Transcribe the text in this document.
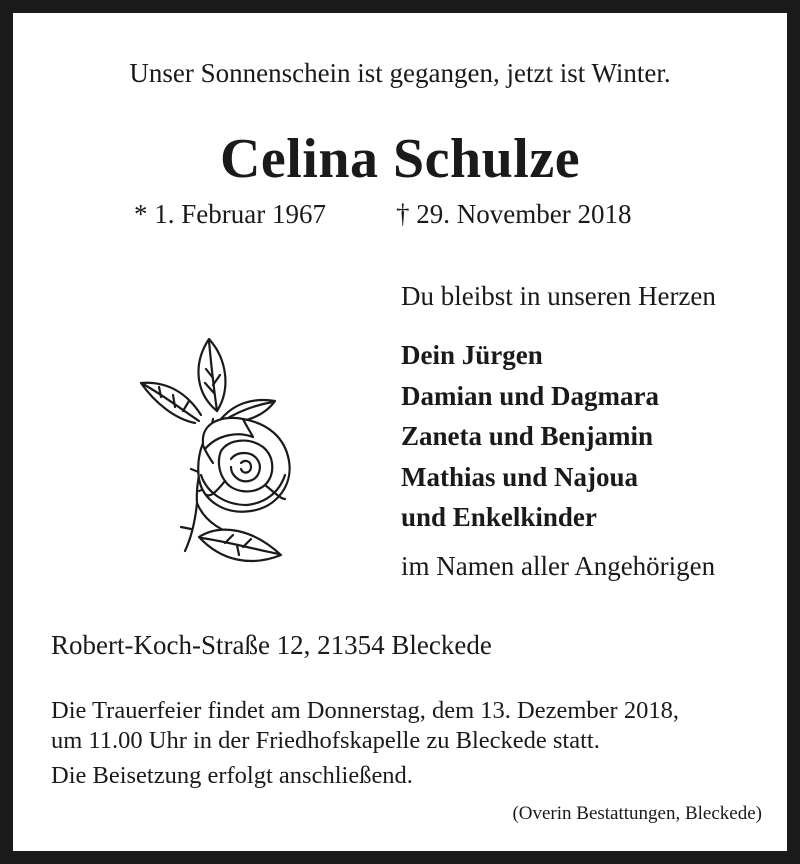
Unser Sonnenschein ist gegangen, jetzt ist Winter.
Celina Schulze
* 1. Februar 1967	† 29. November 2018
Du bleibst in unseren Herzen
Dein Jürgen
Damian und Dagmara
Zaneta und Benjamin
Mathias und Najoua
und Enkelkinder
im Namen aller Angehörigen
Robert-Koch-Straße 12, 21354 Bleckede
Die Trauerfeier findet am Donnerstag, dem 13. Dezember 2018,
um 11.00 Uhr in der Friedhofskapelle zu Bleckede statt.
Die Beisetzung erfolgt anschließend.
(Overin Bestattungen, Bleckede)
